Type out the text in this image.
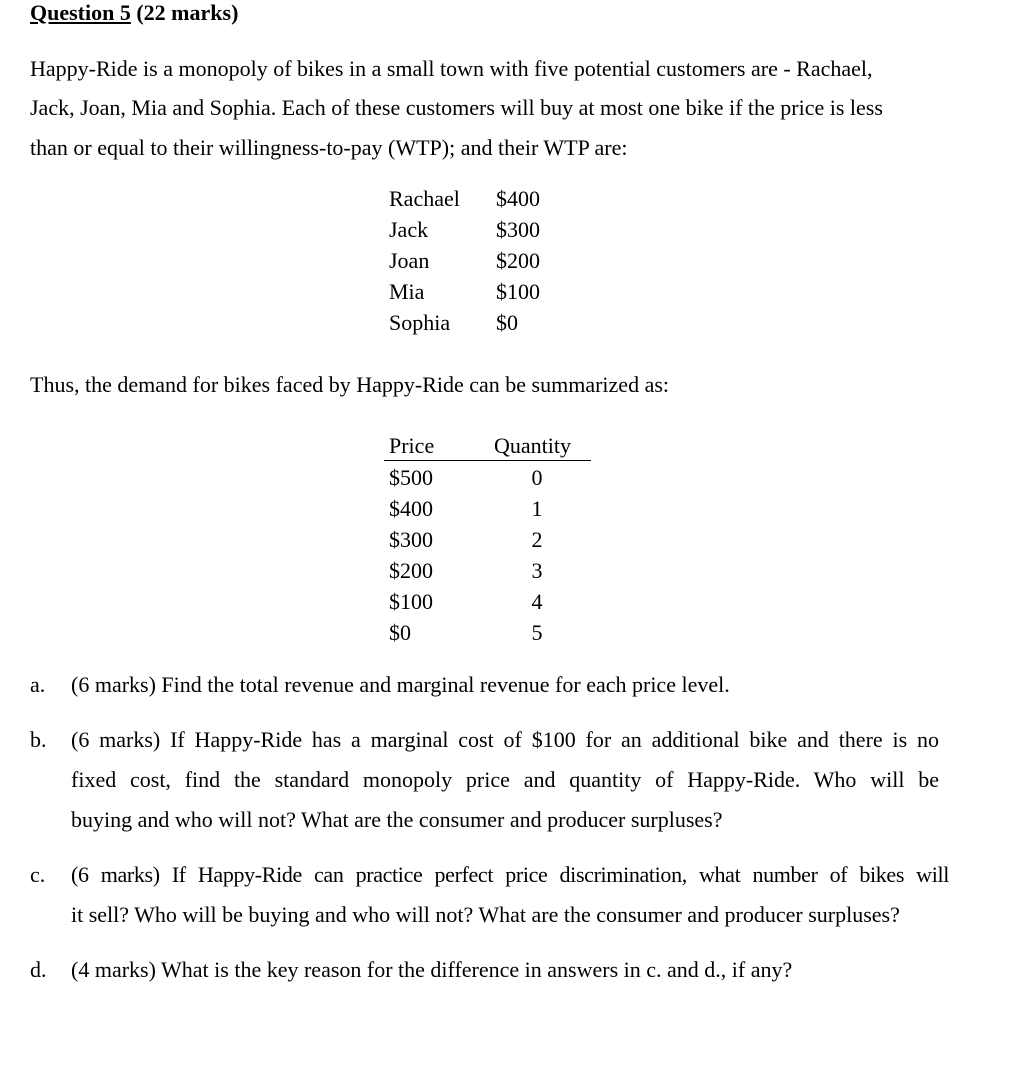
Question 5 (22 marks)
Happy-Ride is a monopoly of bikes in a small town with five potential customers are - Rachael,
Jack, Joan, Mia and Sophia. Each of these customers will buy at most one bike if the price is less
than or equal to their willingness-to-pay (WTP); and their WTP are:
Rachael $400
Jack	$300
Joan	$200
Mia	$100
Sophia $0
Thus, the demand for bikes faced by Happy-Ride can be summarized as:
Price	Quantity
$500	0
$400	1
$300	2
$200	3
$100	4
$0	5
a. (6 marks) Find the total revenue and marginal revenue for each price level.
b. (6 marks) If Happy-Ride has a marginal cost of $100 for an additional bike and there is no
fixed cost, find the standard monopoly price and quantity of Happy-Ride. Who will be
buying and who will not? What are the consumer and producer surpluses?
c. (6 marks) If Happy-Ride can practice perfect price discrimination, what number of bikes will
it sell? Who will be buying and who will not? What are the consumer and producer surpluses?
d. (4 marks) What is the key reason for the difference in answers in c. and d., if any?
